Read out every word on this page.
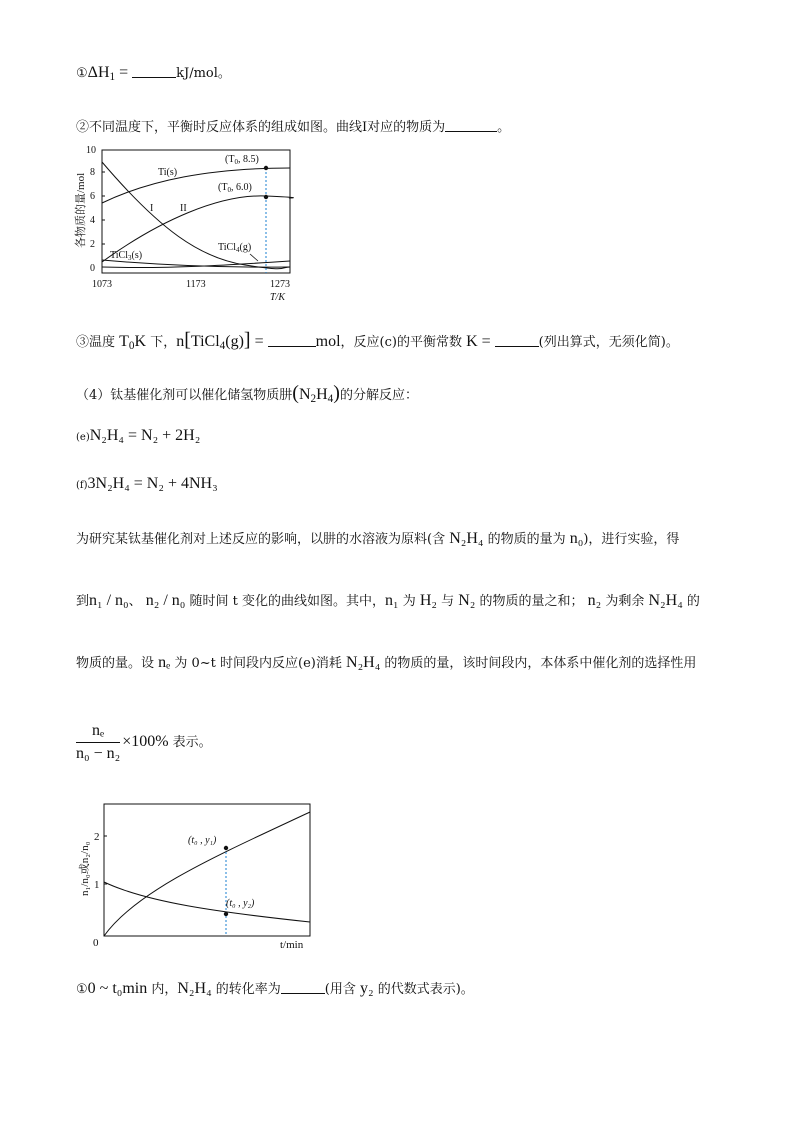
$①\Delta H_1$ =	kJ/mol。
②不同温度下，平衡时反应体系的组成如图。曲线Ⅰ对应的物质为	。
各物质的量/mol
0
2
4
6
8
10
1073	1173	1273
T/K
Ti(s)
I	II
($T_0$, 8.5)
($T_0$, 6.0)
TiCl$_3$(s)
TiCl$_4$(g)
③温度 $T_0K$ 下，n[TiCl$_4$(g)] =	mol，反应(c)的平衡常数 K =	(列出算式，无须化简)。
（4）钛基催化剂可以催化储氢物质肼$(N_2H_4)$的分解反应：
(e)N₂H₄ = N₂ + 2H₂
(f)3N₂H₄ = N₂ + 4NH₃
为研究某钛基催化剂对上述反应的影响，以肼的水溶液为原料(含 N₂H₄ 的物质的量为 n₀)，进行实验，得
到n₁ / n₀、 n₂ / n₀ 随时间 t 变化的曲线如图。其中，n₁ 为 H₂ 与 N₂ 的物质的量之和； n₂ 为剩余 N₂H₄ 的
物质的量。设 nₑ 为 0~t 时间段内反应(e)消耗 N₂H₄ 的物质的量，该时间段内，本体系中催化剂的选择性用
$\frac{\text{nₑ}}{\text{n₀ − n₂}} \times 100\%$ 表示。
n₁/n₀或n₂/n₀
0
1
2	(t₀ , y₁)
(t₀ , y₂)
t/min
①0 ~ t₀min 内，N₂H₄ 的转化率为	(用含 y₂ 的代数式表示)。
